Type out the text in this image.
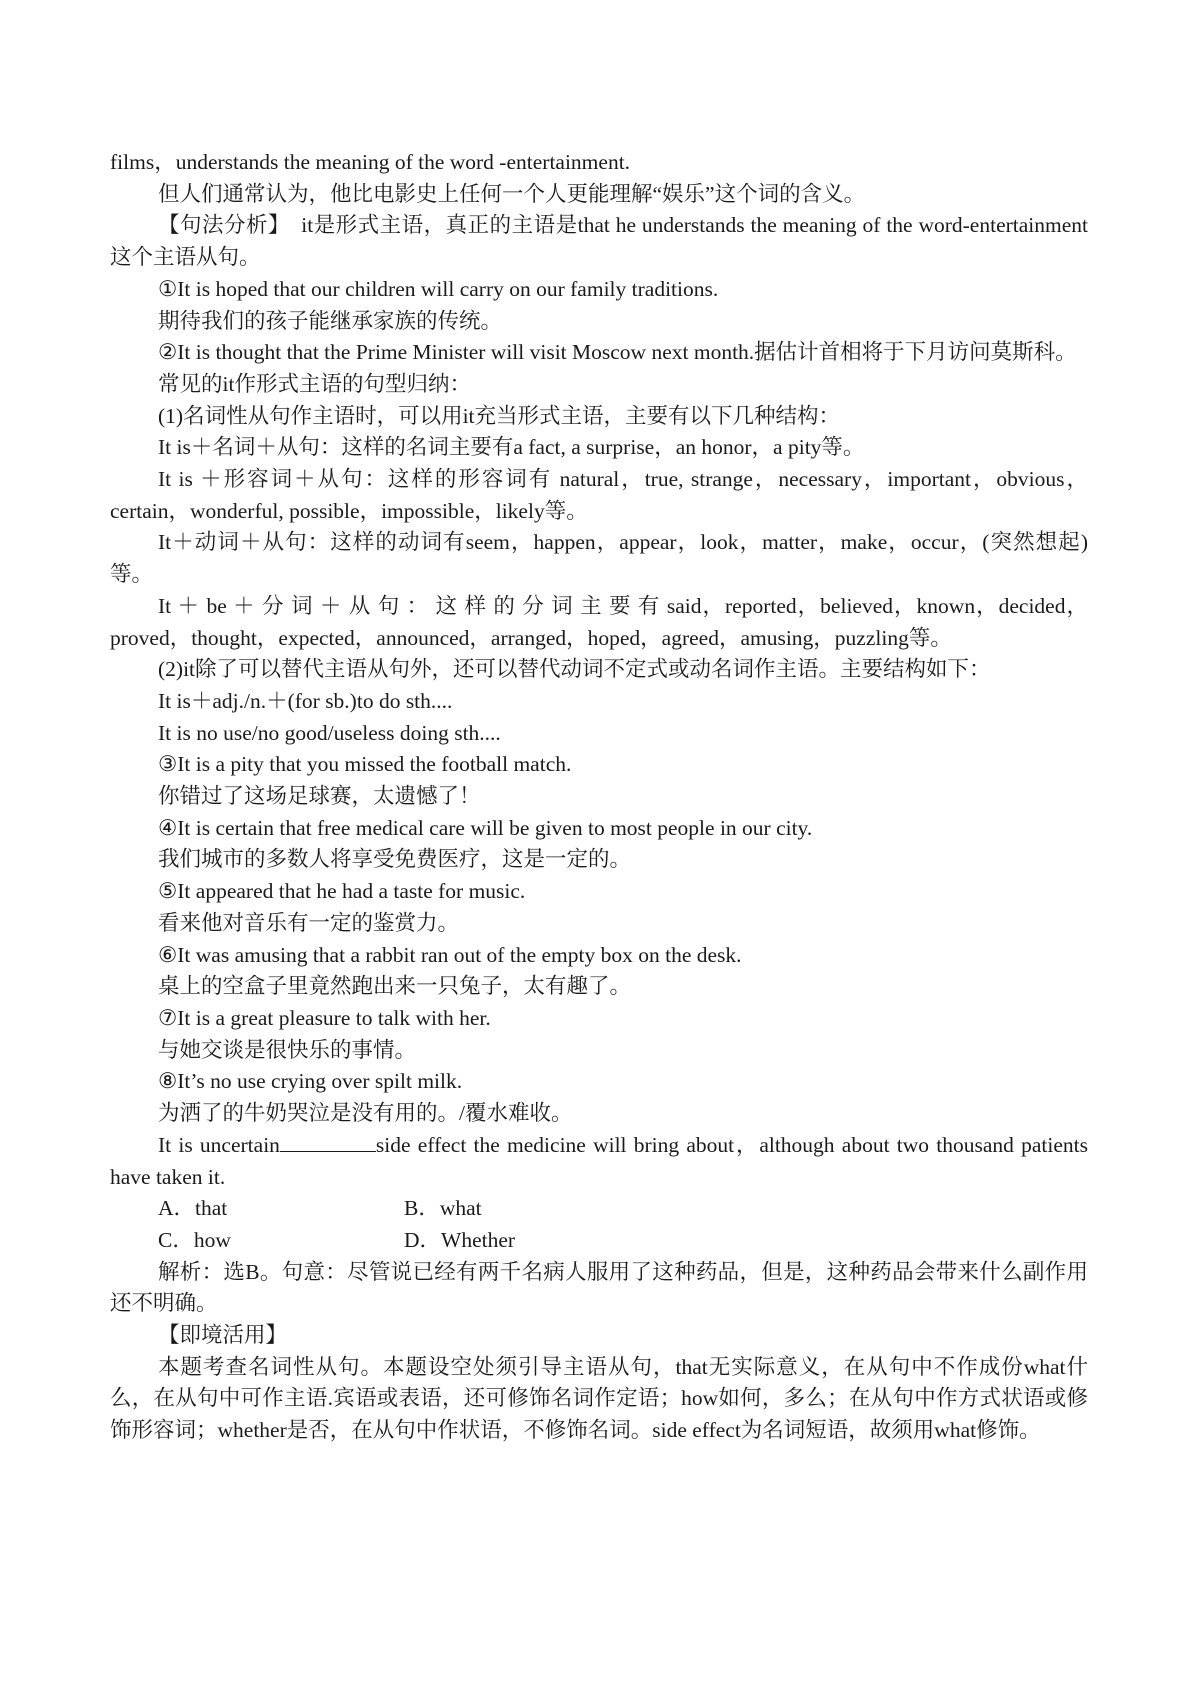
films，understands the meaning of the word -entertainment.

但人们通常认为，他比电影史上任何一个人更能理解“娱乐”这个词的含义。

【句法分析】　it是形式主语，真正的主语是that he understands the meaning of the word-entertainment这个主语从句。

①It is hoped that our children will carry on our family traditions.

期待我们的孩子能继承家族的传统。

②It is thought that the Prime Minister will visit Moscow next month.据估计首相将于下月访问莫斯科。

常见的it作形式主语的句型归纳：

(1)名词性从句作主语时，可以用it充当形式主语，主要有以下几种结构：

It is＋名词＋从句：这样的名词主要有a fact, a surprise，an honor，a pity等。

It is ＋形容词＋从句：这样的形容词有 natural，true, strange，necessary，important，obvious，certain，wonderful, possible，impossible，likely等。

It＋动词＋从句：这样的动词有seem，happen，appear，look，matter，make，occur，(突然想起)等。

It ＋ be ＋ 分 词 ＋ 从 句 ： 这 样 的 分 词 主 要 有 said，reported，believed，known，decided，proved，thought，expected，announced，arranged，hoped，agreed，amusing，puzzling等。

(2)it除了可以替代主语从句外，还可以替代动词不定式或动名词作主语。主要结构如下：

It is＋adj./n.＋(for sb.)to do sth....

It is no use/no good/useless doing sth....

③It is a pity that you missed the football match.

你错过了这场足球赛，太遗憾了！

④It is certain that free medical care will be given to most people in our city.

我们城市的多数人将享受免费医疗，这是一定的。

⑤It appeared that he had a taste for music.

看来他对音乐有一定的鉴赏力。

⑥It was amusing that a rabbit ran out of the empty box on the desk.

桌上的空盒子里竟然跑出来一只兔子，太有趣了。

⑦It is a great pleasure to talk with her.

与她交谈是很快乐的事情。

⑧It’s no use crying over spilt milk.

为洒了的牛奶哭泣是没有用的。/覆水难收。

It is uncertain	side effect the medicine will bring about，although about two thousand patients have taken it.

A．that	B．what
C．how	D．Whether

解析：选B。句意：尽管说已经有两千名病人服用了这种药品，但是，这种药品会带来什么副作用还不明确。

【即境活用】

本题考查名词性从句。本题设空处须引导主语从句，that无实际意义，在从句中不作成份what什么，在从句中可作主语.宾语或表语，还可修饰名词作定语；how如何，多么；在从句中作方式状语或修饰形容词；whether是否，在从句中作状语，不修饰名词。side effect为名词短语，故须用what修饰。
